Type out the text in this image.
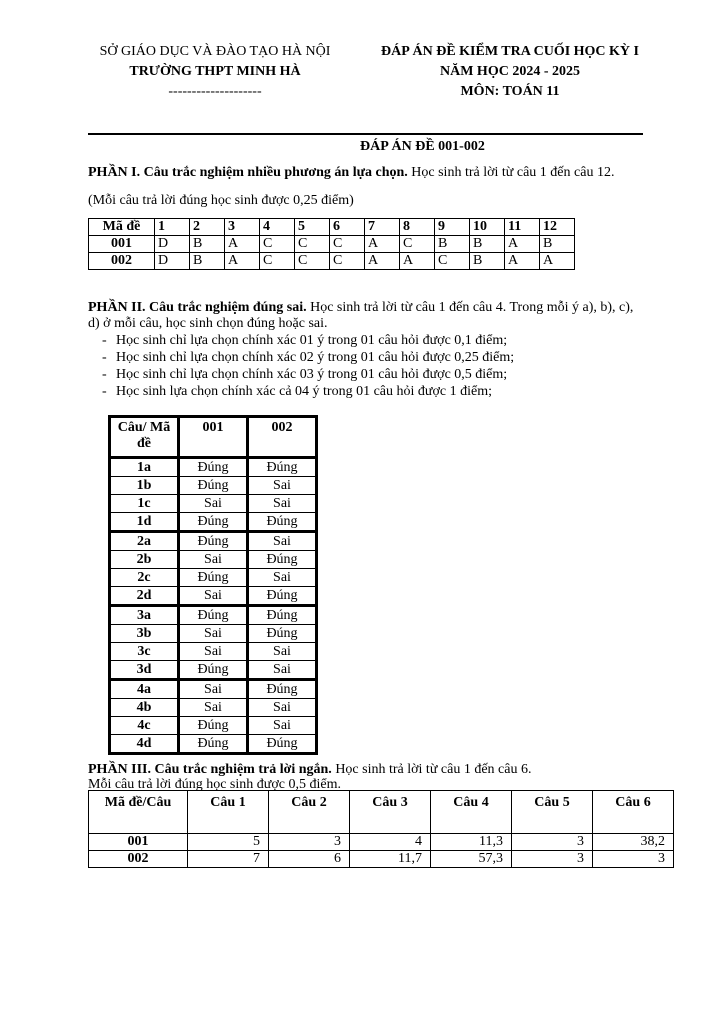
SỞ GIÁO DỤC VÀ ĐÀO TẠO HÀ NỘI
TRƯỜNG THPT MINH HÀ
--------------------
ĐÁP ÁN ĐỀ KIỂM TRA CUỐI HỌC KỲ I
NĂM HỌC 2024 - 2025
MÔN: TOÁN 11
ĐÁP ÁN ĐỀ 001-002
PHẦN I. Câu trắc nghiệm nhiều phương án lựa chọn. Học sinh trả lời từ câu 1 đến câu 12.
(Mỗi câu trả lời đúng học sinh được 0,25 điểm)
Mã đề	1	2	3	4	5	6	7	8	9	10	11	12
001	D	B	A	C	C	C	A	C	B	B	A	B
002	D	B	A	C	C	C	A	A	C	B	A	A
PHẦN II. Câu trắc nghiệm đúng sai. Học sinh trả lời từ câu 1 đến câu 4. Trong mỗi ý a), b), c),
d) ở mỗi câu, học sinh chọn đúng hoặc sai.
- Học sinh chỉ lựa chọn chính xác 01 ý trong 01 câu hỏi được 0,1 điểm;
- Học sinh chỉ lựa chọn chính xác 02 ý trong 01 câu hỏi được 0,25 điểm;
- Học sinh chỉ lựa chọn chính xác 03 ý trong 01 câu hỏi được 0,5 điểm;
- Học sinh lựa chọn chính xác cả 04 ý trong 01 câu hỏi được 1 điểm;
Câu/ Mã đề	001	002
1a	Đúng	Đúng
1b	Đúng	Sai
1c	Sai	Sai
1d	Đúng	Đúng
2a	Đúng	Sai
2b	Sai	Đúng
2c	Đúng	Sai
2d	Sai	Đúng
3a	Đúng	Đúng
3b	Sai	Đúng
3c	Sai	Sai
3d	Đúng	Sai
4a	Sai	Đúng
4b	Sai	Sai
4c	Đúng	Sai
4d	Đúng	Đúng
PHẦN III. Câu trắc nghiệm trả lời ngắn. Học sinh trả lời từ câu 1 đến câu 6.
Mỗi câu trả lời đúng học sinh được 0,5 điểm.
Mã đề/Câu	Câu 1	Câu 2	Câu 3	Câu 4	Câu 5	Câu 6
001	5	3	4	11,3	3	38,2
002	7	6	11,7	57,3	3	3
